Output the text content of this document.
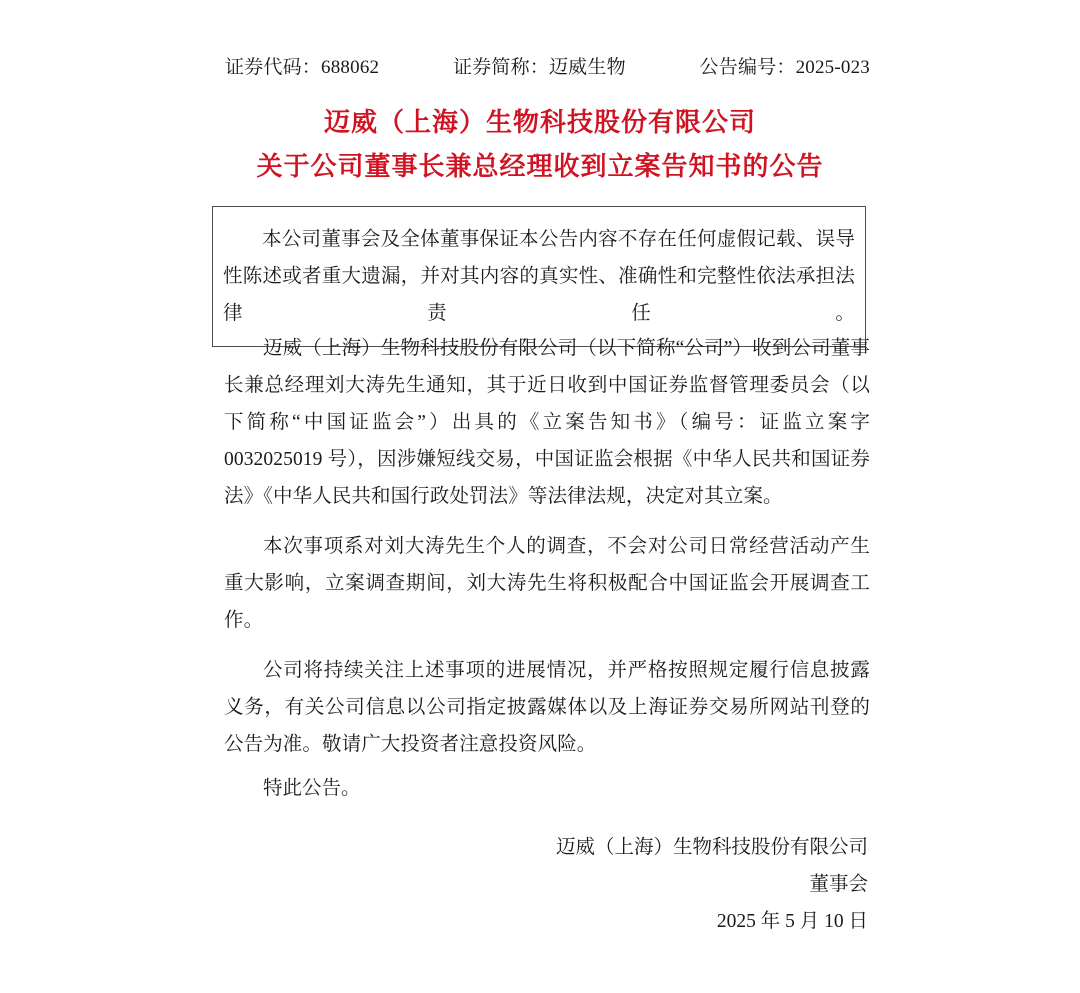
证券代码：688062	证券简称：迈威生物	公告编号：2025-023
迈威（上海）生物科技股份有限公司
关于公司董事长兼总经理收到立案告知书的公告

本公司董事会及全体董事保证本公告内容不存在任何虚假记载、误导性陈述或者重大遗漏，并对其内容的真实性、准确性和完整性依法承担法律责任。

迈威（上海）生物科技股份有限公司（以下简称“公司”）收到公司董事长兼总经理刘大涛先生通知，其于近日收到中国证券监督管理委员会（以下简称“中国证监会”）出具的《立案告知书》（编号：证监立案字 0032025019 号），因涉嫌短线交易，中国证监会根据《中华人民共和国证券法》《中华人民共和国行政处罚法》等法律法规，决定对其立案。

本次事项系对刘大涛先生个人的调查，不会对公司日常经营活动产生重大影响，立案调查期间，刘大涛先生将积极配合中国证监会开展调查工作。

公司将持续关注上述事项的进展情况，并严格按照规定履行信息披露义务，有关公司信息以公司指定披露媒体以及上海证券交易所网站刊登的公告为准。敬请广大投资者注意投资风险。

特此公告。

迈威（上海）生物科技股份有限公司
董事会
2025 年 5 月 10 日
